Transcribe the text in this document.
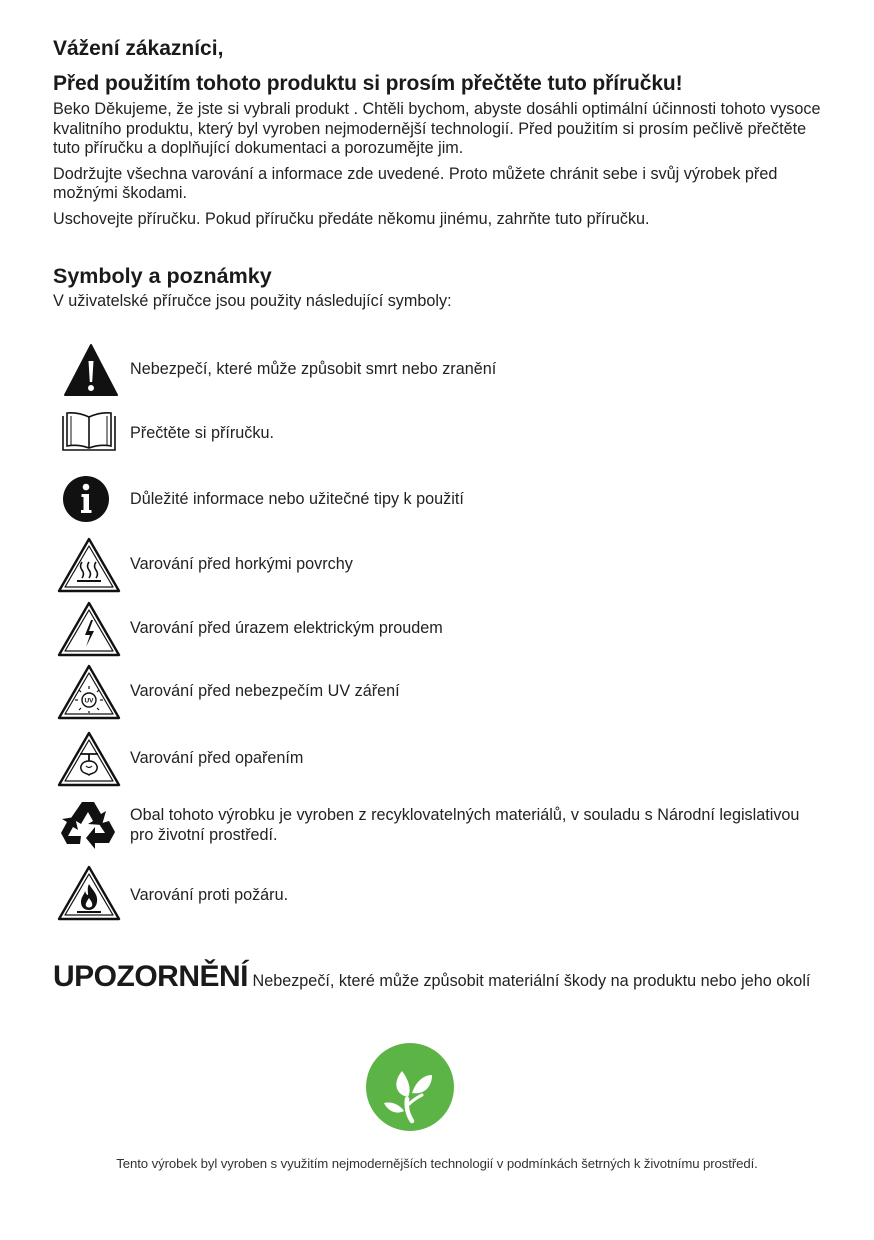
Vážení zákazníci,
Před použitím tohoto produktu si prosím přečtěte tuto příručku!

Beko Děkujeme, že jste si vybrali produkt . Chtěli bychom, abyste dosáhli optimální účinnosti tohoto vysoce kvalitního produktu, který byl vyroben nejmodernější technologií. Před použitím si prosím pečlivě přečtěte tuto příručku a doplňující dokumentaci a porozumějte jim.

Dodržujte všechna varování a informace zde uvedené. Proto můžete chránit sebe i svůj výrobek před možnými škodami.

Uschovejte příručku. Pokud příručku předáte někomu jinému, zahrňte tuto příručku.

Symboly a poznámky

V uživatelské příručce jsou použity následující symboly:

Nebezpečí, které může způsobit smrt nebo zranění
Přečtěte si příručku.
Důležité informace nebo užitečné tipy k použití
Varování před horkými povrchy
Varování před úrazem elektrickým proudem
UV
Varování před nebezpečím UV záření
Varování před opařením
Obal tohoto výrobku je vyroben z recyklovatelných materiálů, v souladu s Národní legislativou pro životní prostředí.
Varování proti požáru.
UPOZORNĚNÍ Nebezpečí, které může způsobit materiální škody na produktu nebo jeho okolí
Tento výrobek byl vyroben s využitím nejmodernějších technologií v podmínkách šetrných k životnímu prostředí.
